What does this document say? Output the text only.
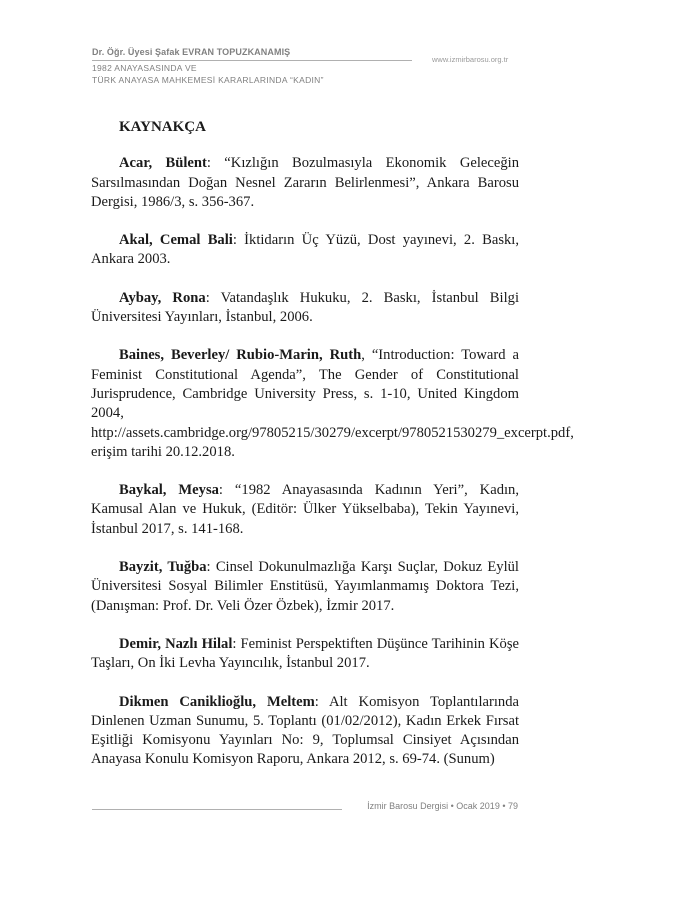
Dr. Öğr. Üyesi Şafak EVRAN TOPUZKANAMIŞ
www.izmirbarosu.org.tr
1982 ANAYASASINDA VE
TÜRK ANAYASA MAHKEMESİ KARARLARINDA “KADIN”
KAYNAKÇA

Acar, Bülent: “Kızlığın Bozulmasıyla Ekonomik Geleceğin Sarsılmasından Doğan Nesnel Zararın Belirlenmesi”, Ankara Barosu Dergisi, 1986/3, s. 356-367.

Akal, Cemal Bali: İktidarın Üç Yüzü, Dost yayınevi, 2. Baskı, Ankara 2003.

Aybay, Rona: Vatandaşlık Hukuku, 2. Baskı, İstanbul Bilgi Üniversitesi Yayınları, İstanbul, 2006.

Baines, Beverley/ Rubio-Marin, Ruth, “Introduction: Toward a Feminist Constitutional Agenda”, The Gender of Constitutional Jurisprudence, Cambridge University Press, s. 1-10, United Kingdom 2004, http://assets.cambridge.org/97805215/30279/excerpt/9780521530279_excerpt.pdf, erişim tarihi 20.12.2018.

Baykal, Meysa: “1982 Anayasasında Kadının Yeri”, Kadın, Kamusal Alan ve Hukuk, (Editör: Ülker Yükselbaba), Tekin Yayınevi, İstanbul 2017, s. 141-168.

Bayzit, Tuğba: Cinsel Dokunulmazlığa Karşı Suçlar, Dokuz Eylül Üniversitesi Sosyal Bilimler Enstitüsü, Yayımlanmamış Doktora Tezi, (Danışman: Prof. Dr. Veli Özer Özbek), İzmir 2017.

Demir, Nazlı Hilal: Feminist Perspektiften Düşünce Tarihinin Köşe Taşları, On İki Levha Yayıncılık, İstanbul 2017.

Dikmen Caniklioğlu, Meltem: Alt Komisyon Toplantılarında Dinlenen Uzman Sunumu, 5. Toplantı (01/02/2012), Kadın Erkek Fırsat Eşitliği Komisyonu Yayınları No: 9, Toplumsal Cinsiyet Açısından Anayasa Konulu Komisyon Raporu, Ankara 2012, s. 69-74. (Sunum)

İzmir Barosu Dergisi • Ocak 2019 • 79
